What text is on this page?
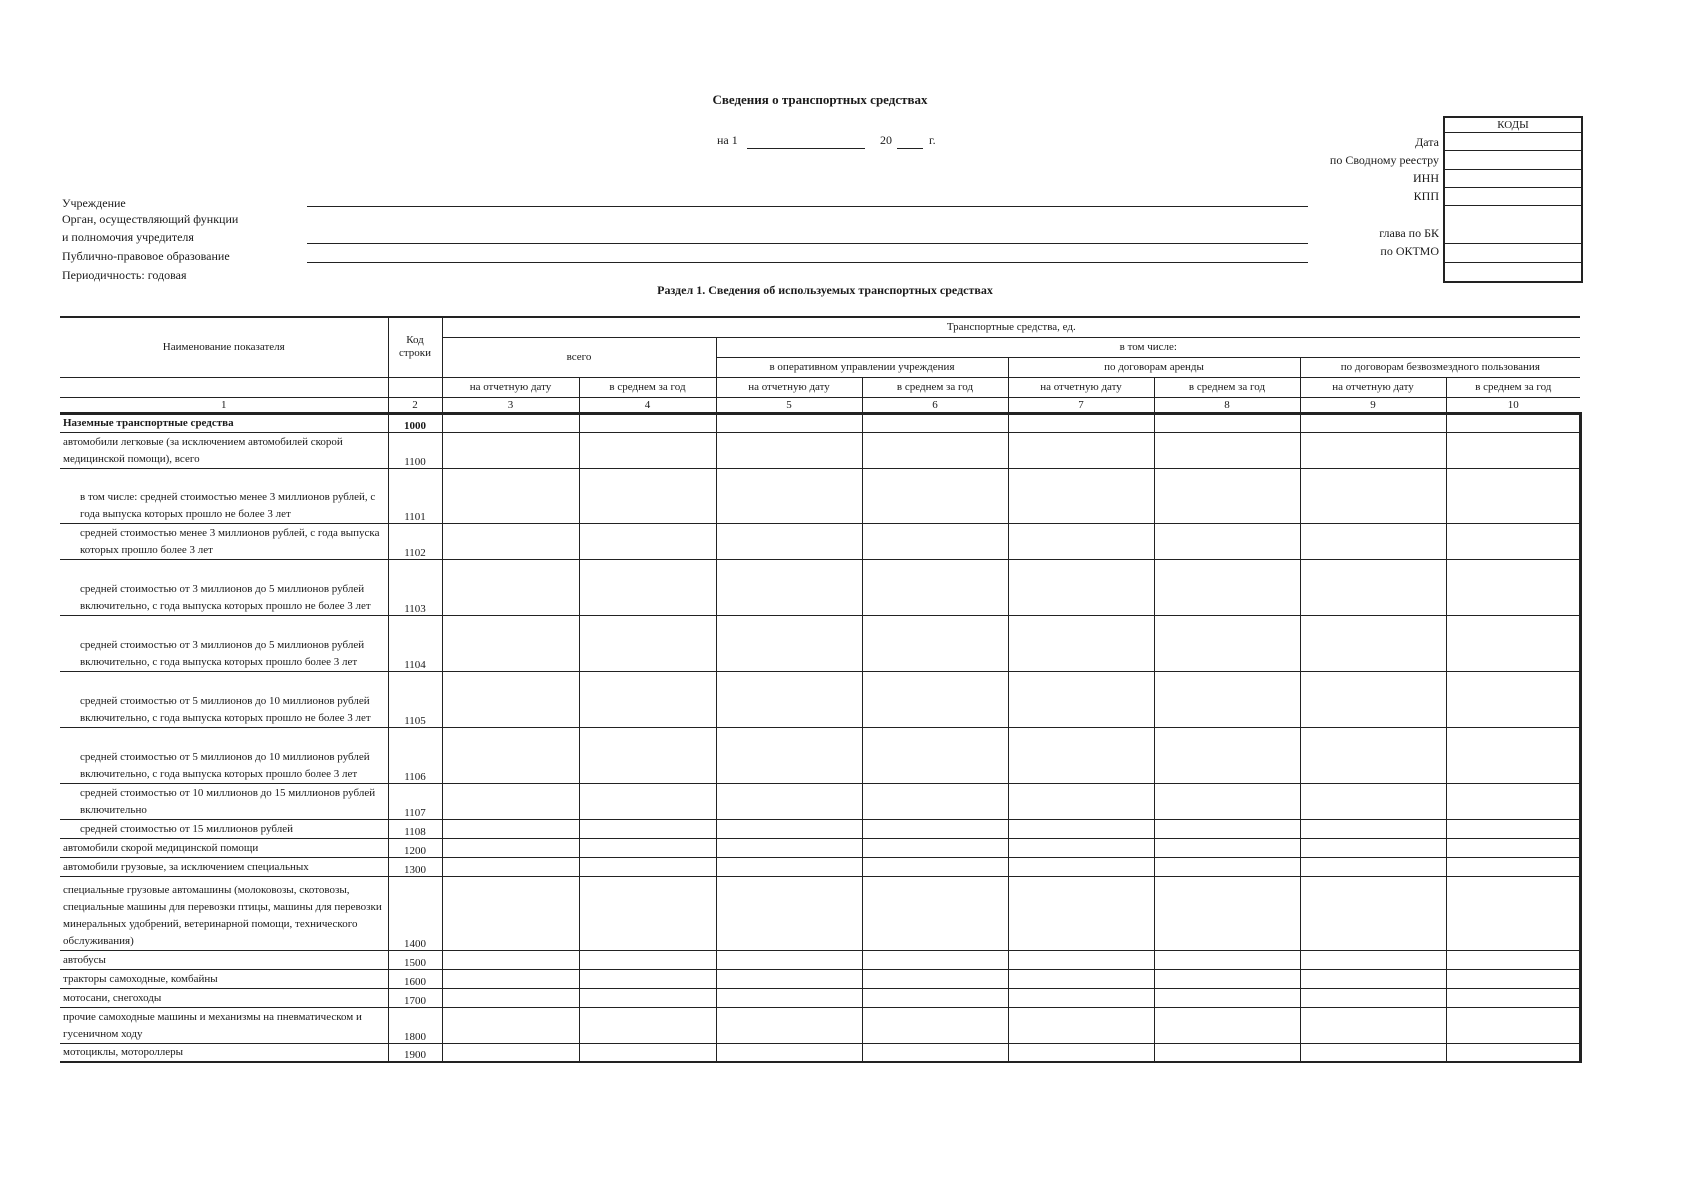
Сведения о транспортных средствах
на 1	20	г.
Учреждение
Орган, осуществляющий функции
и полномочия учредителя
Публично-правовое образование
Периодичность: годовая
Дата
по Сводному реестру
ИНН
КПП
глава по БК
по ОКТМО
КОДЫ
Раздел 1. Сведения об используемых транспортных средствах
Наименование показателя	Код строки	Транспортные средства, ед.							
		всего		в том числе:					
				в оперативном управлении учреждения		по договорам аренды		по договорам безвозмездного пользования	
		на отчетную дату	в среднем за год	на отчетную дату	в среднем за год	на отчетную дату	в среднем за год	на отчетную дату	в среднем за год
1	2	3	4	5	6	7	8	9	10
Наземные транспортные средства	1000								
автомобили легковые (за исключением автомобилей скорой медицинской помощи), всего	1100								
в том числе: средней стоимостью менее 3 миллионов рублей, с года выпуска которых прошло не более 3 лет	1101								
средней стоимостью менее 3 миллионов рублей, с года выпуска которых прошло более 3 лет	1102								
средней стоимостью от 3 миллионов до 5 миллионов рублей включительно, с года выпуска которых прошло не более 3 лет	1103								
средней стоимостью от 3 миллионов до 5 миллионов рублей включительно, с года выпуска которых прошло более 3 лет	1104								
средней стоимостью от 5 миллионов до 10 миллионов рублей включительно, с года выпуска которых прошло не более 3 лет	1105								
средней стоимостью от 5 миллионов до 10 миллионов рублей включительно, с года выпуска которых прошло более 3 лет	1106								
средней стоимостью от 10 миллионов до 15 миллионов рублей включительно	1107								
средней стоимостью от 15 миллионов рублей	1108								
автомобили скорой медицинской помощи	1200								
автомобили грузовые, за исключением специальных	1300								
специальные грузовые автомашины (молоковозы, скотовозы, специальные машины для перевозки птицы, машины для перевозки минеральных удобрений, ветеринарной помощи, технического обслуживания)	1400								
автобусы	1500								
тракторы самоходные, комбайны	1600								
мотосани, снегоходы	1700								
прочие самоходные машины и механизмы на пневматическом и гусеничном ходу	1800								
мотоциклы, мотороллеры	1900								
